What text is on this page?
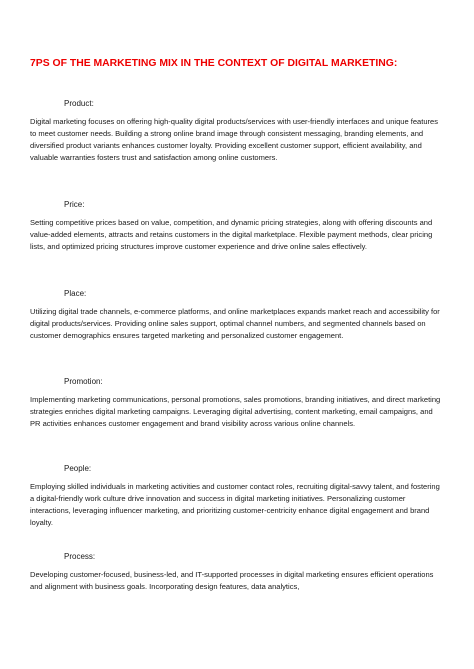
7PS OF THE MARKETING MIX IN THE CONTEXT OF DIGITAL MARKETING:
Product:
Digital marketing focuses on offering high-quality digital products/services with user-friendly interfaces and unique features to meet customer needs. Building a strong online brand image through consistent messaging, branding elements, and diversified product variants enhances customer loyalty. Providing excellent customer support, efficient availability, and valuable warranties fosters trust and satisfaction among online customers.
Price:
Setting competitive prices based on value, competition, and dynamic pricing strategies, along with offering discounts and value-added elements, attracts and retains customers in the digital marketplace. Flexible payment methods, clear pricing lists, and optimized pricing structures improve customer experience and drive online sales effectively.
Place:
Utilizing digital trade channels, e-commerce platforms, and online marketplaces expands market reach and accessibility for digital products/services. Providing online sales support, optimal channel numbers, and segmented channels based on customer demographics ensures targeted marketing and personalized customer engagement.
Promotion:
Implementing marketing communications, personal promotions, sales promotions, branding initiatives, and direct marketing strategies enriches digital marketing campaigns. Leveraging digital advertising, content marketing, email campaigns, and PR activities enhances customer engagement and brand visibility across various online channels.
People:
Employing skilled individuals in marketing activities and customer contact roles, recruiting digital-savvy talent, and fostering a digital-friendly work culture drive innovation and success in digital marketing initiatives. Personalizing customer interactions, leveraging influencer marketing, and prioritizing customer-centricity enhance digital engagement and brand loyalty.
Process:
Developing customer-focused, business-led, and IT-supported processes in digital marketing ensures efficient operations and alignment with business goals. Incorporating design features, data analytics,
